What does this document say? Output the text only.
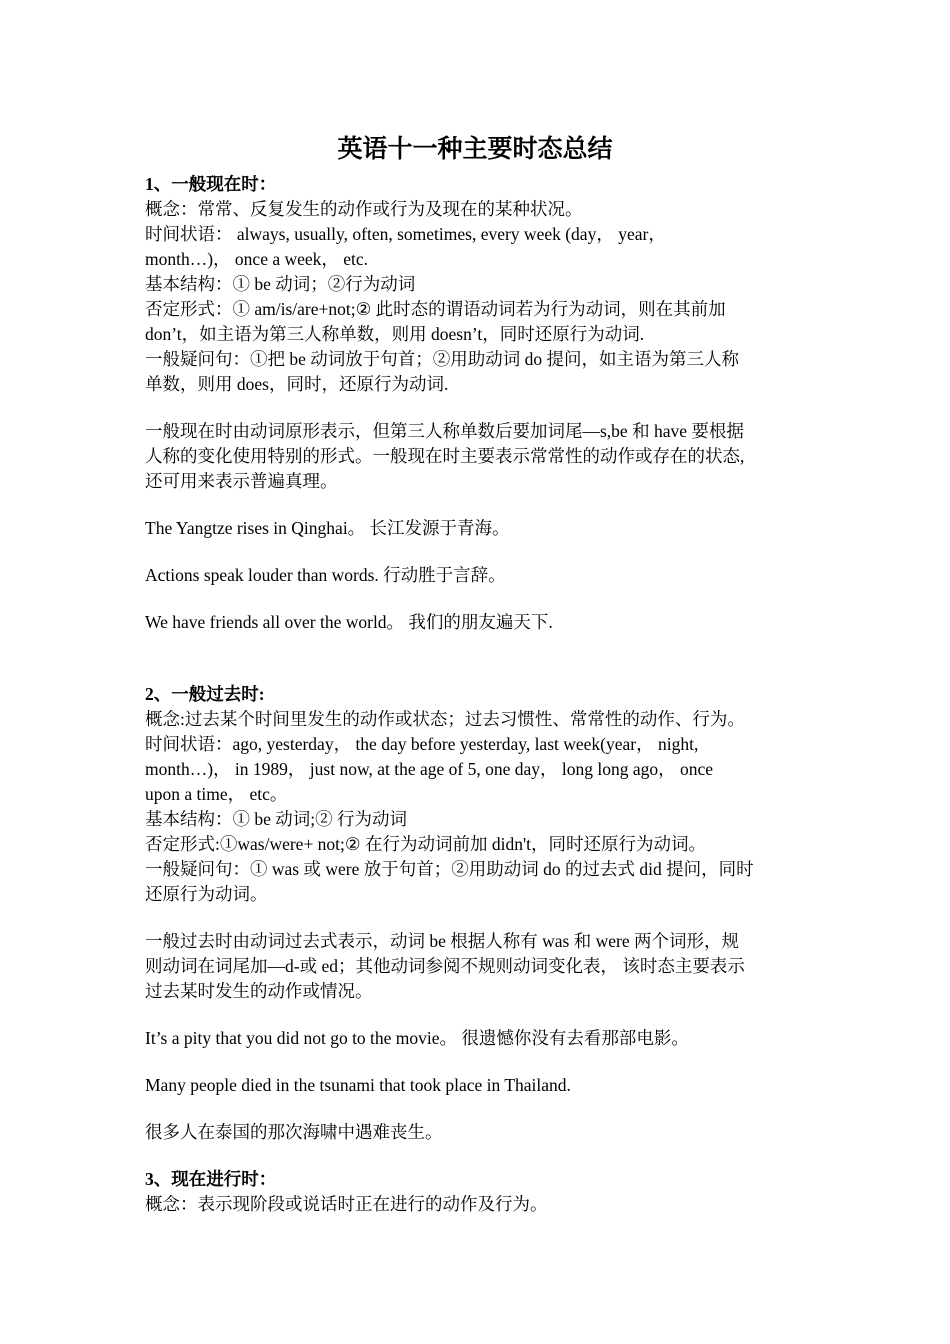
英语十一种主要时态总结

1、一般现在时：

概念：常常、反复发生的动作或行为及现在的某种状况。

时间状语： always, usually, often, sometimes, every week (day， year，

month…)， once a week， etc.

基本结构：① be 动词；②行为动词

否定形式：① am/is/are+not;② 此时态的谓语动词若为行为动词，则在其前加

don’t，如主语为第三人称单数，则用 doesn’t，同时还原行为动词.

一般疑问句：①把 be 动词放于句首；②用助动词 do 提问，如主语为第三人称

单数，则用 does，同时，还原行为动词.

一般现在时由动词原形表示，但第三人称单数后要加词尾—s,be 和 have 要根据

人称的变化使用特别的形式。一般现在时主要表示常常性的动作或存在的状态,

还可用来表示普遍真理。

The Yangtze rises in Qinghai。 长江发源于青海。

Actions speak louder than words. 行动胜于言辞。

We have friends all over the world。 我们的朋友遍天下.

2、一般过去时:

概念:过去某个时间里发生的动作或状态；过去习惯性、常常性的动作、行为。

时间状语：ago, yesterday， the day before yesterday, last week(year， night,

month…)， in 1989， just now, at the age of 5, one day， long long ago， once

upon a time， etc。

基本结构：① be 动词;② 行为动词

否定形式:①was/were+ not;② 在行为动词前加 didn't，同时还原行为动词。

一般疑问句：① was 或 were 放于句首；②用助动词 do 的过去式 did 提问，同时

还原行为动词。

一般过去时由动词过去式表示，动词 be 根据人称有 was 和 were 两个词形，规

则动词在词尾加—d-或 ed；其他动词参阅不规则动词变化表， 该时态主要表示

过去某时发生的动作或情况。

It’s a pity that you did not go to the movie。 很遗憾你没有去看那部电影。

Many people died in the tsunami that took place in Thailand.

很多人在泰国的那次海啸中遇难丧生。

3、现在进行时：

概念：表示现阶段或说话时正在进行的动作及行为。
